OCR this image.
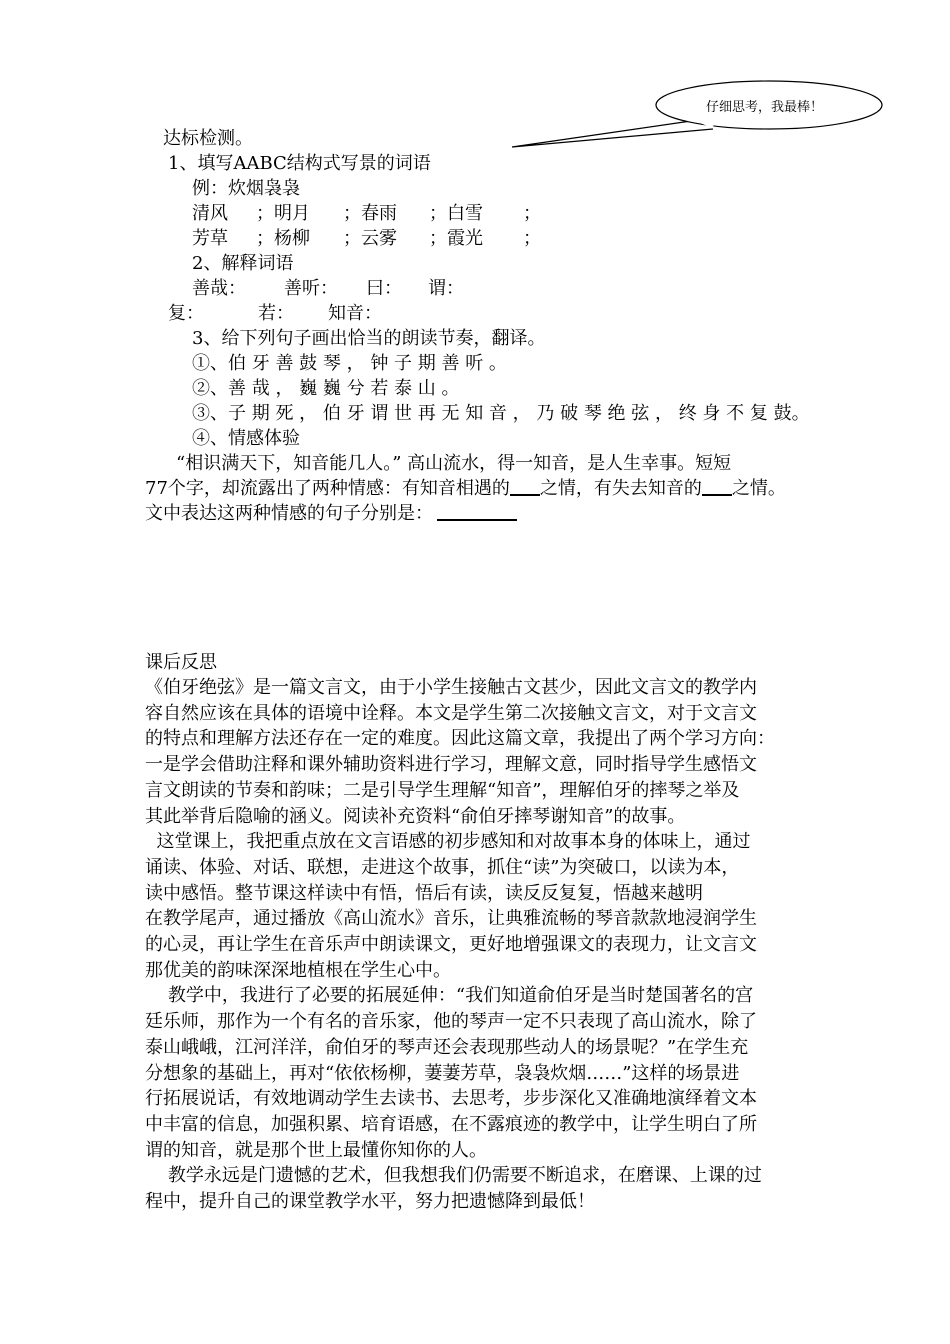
仔细思考，我最棒！
达标检测。
1、填写AABC结构式写景的词语
例：炊烟袅袅
清风 ；明月 ；春雨 ；白雪 ；
芳草 ；杨柳 ；云雾 ；霞光 ；
2、解释词语
善哉： 善听： 曰： 谓：
复：	若： 知音：
3、给下列句子画出恰当的朗读节奏，翻译。
①、伯 牙 善 鼓 琴 ， 钟 子 期 善 听 。
②、善 哉 ， 巍 巍 兮 若 泰 山 。
③、子 期 死 ， 伯 牙 谓 世 再 无 知 音 ， 乃 破 琴 绝 弦 ， 终 身 不 复 鼓。
④、情感体验
“相识满天下，知音能几人。” 高山流水，得一知音，是人生幸事。短短
77个字，却流露出了两种情感：有知音相遇的 之情，有失去知音的 之情。
文中表达这两种情感的句子分别是：
课后反思
《伯牙绝弦》是一篇文言文，由于小学生接触古文甚少，因此文言文的教学内
容自然应该在具体的语境中诠释。本文是学生第二次接触文言文，对于文言文
的特点和理解方法还存在一定的难度。因此这篇文章，我提出了两个学习方向：
一是学会借助注释和课外辅助资料进行学习，理解文意，同时指导学生感悟文
言文朗读的节奏和韵味；二是引导学生理解“知音”，理解伯牙的摔琴之举及
其此举背后隐喻的涵义。阅读补充资料“俞伯牙摔琴谢知音”的故事。
这堂课上，我把重点放在文言语感的初步感知和对故事本身的体味上，通过
诵读、体验、对话、联想，走进这个故事，抓住“读”为突破口，以读为本，
读中感悟。整节课这样读中有悟，悟后有读，读反反复复，悟越来越明
在教学尾声，通过播放《高山流水》音乐，让典雅流畅的琴音款款地浸润学生
的心灵，再让学生在音乐声中朗读课文，更好地增强课文的表现力，让文言文
那优美的韵味深深地植根在学生心中。
教学中，我进行了必要的拓展延伸：“我们知道俞伯牙是当时楚国著名的宫
廷乐师，那作为一个有名的音乐家，他的琴声一定不只表现了高山流水，除了
泰山峨峨，江河洋洋，俞伯牙的琴声还会表现那些动人的场景呢？”在学生充
分想象的基础上，再对“依依杨柳，萋萋芳草，袅袅炊烟……”这样的场景进
行拓展说话，有效地调动学生去读书、去思考，步步深化又准确地演绎着文本
中丰富的信息，加强积累、培育语感，在不露痕迹的教学中，让学生明白了所
谓的知音，就是那个世上最懂你知你的人。
教学永远是门遗憾的艺术，但我想我们仍需要不断追求，在磨课、上课的过
程中，提升自己的课堂教学水平，努力把遗憾降到最低！
